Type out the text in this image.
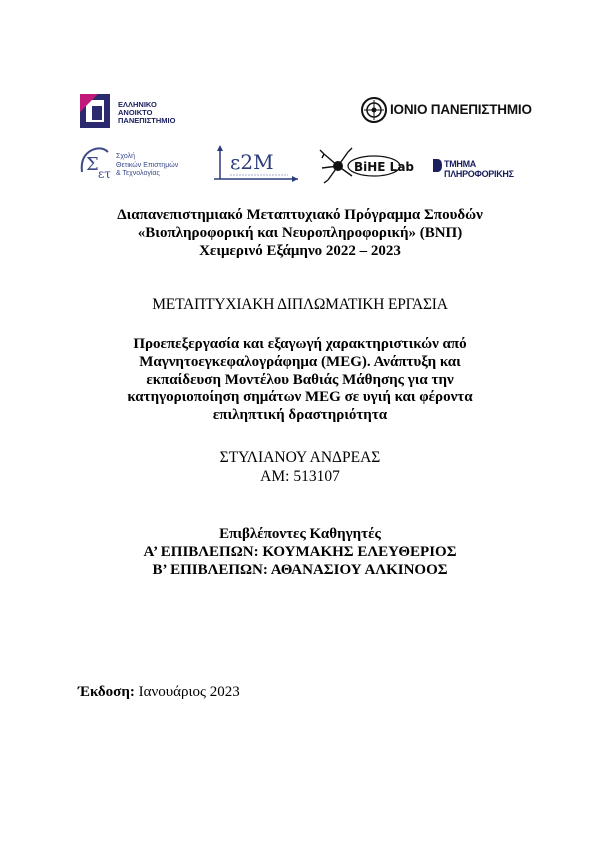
ΕΛΛΗΝΙΚΟ
ΑΝΟΙΚΤΟ
ΠΑΝΕΠΙΣΤΗΜΙΟ
ΙΟΝΙΟ ΠΑΝΕΠΙΣΤΗΜΙΟ
Σ ετ
Σχολή
Θετικών Επιστημών
& Τεχνολογίας	ε2Μ	BiHE Lab	ΤΜΗΜΑ ΠΛΗΡΟΦΟΡΙΚΗΣ
Διαπανεπιστημιακό Μεταπτυχιακό Πρόγραμμα Σπουδών
«Βιοπληροφορική και Νευροπληροφορική» (ΒΝΠ)
Χειμερινό Εξάμηνο 2022 – 2023
ΜΕΤΑΠΤΥΧΙΑΚΗ ΔΙΠΛΩΜΑΤΙΚΗ ΕΡΓΑΣΙΑ
Προεπεξεργασία και εξαγωγή χαρακτηριστικών από
Μαγνητοεγκεφαλογράφημα (MEG). Ανάπτυξη και
εκπαίδευση Μοντέλου Βαθιάς Μάθησης για την
κατηγοριοποίηση σημάτων MEG σε υγιή και φέροντα
επιληπτική δραστηριότητα
ΣΤΥΛΙΑΝΟΥ ΑΝΔΡΕΑΣ
ΑΜ: 513107
Επιβλέποντες Καθηγητές
Α’ ΕΠΙΒΛΕΠΩΝ: ΚΟΥΜΑΚΗΣ ΕΛΕΥΘΕΡΙΟΣ
Β’ ΕΠΙΒΛΕΠΩΝ: ΑΘΑΝΑΣΙΟΥ ΑΛΚΙΝΟΟΣ
Έκδοση: Ιανουάριος 2023
